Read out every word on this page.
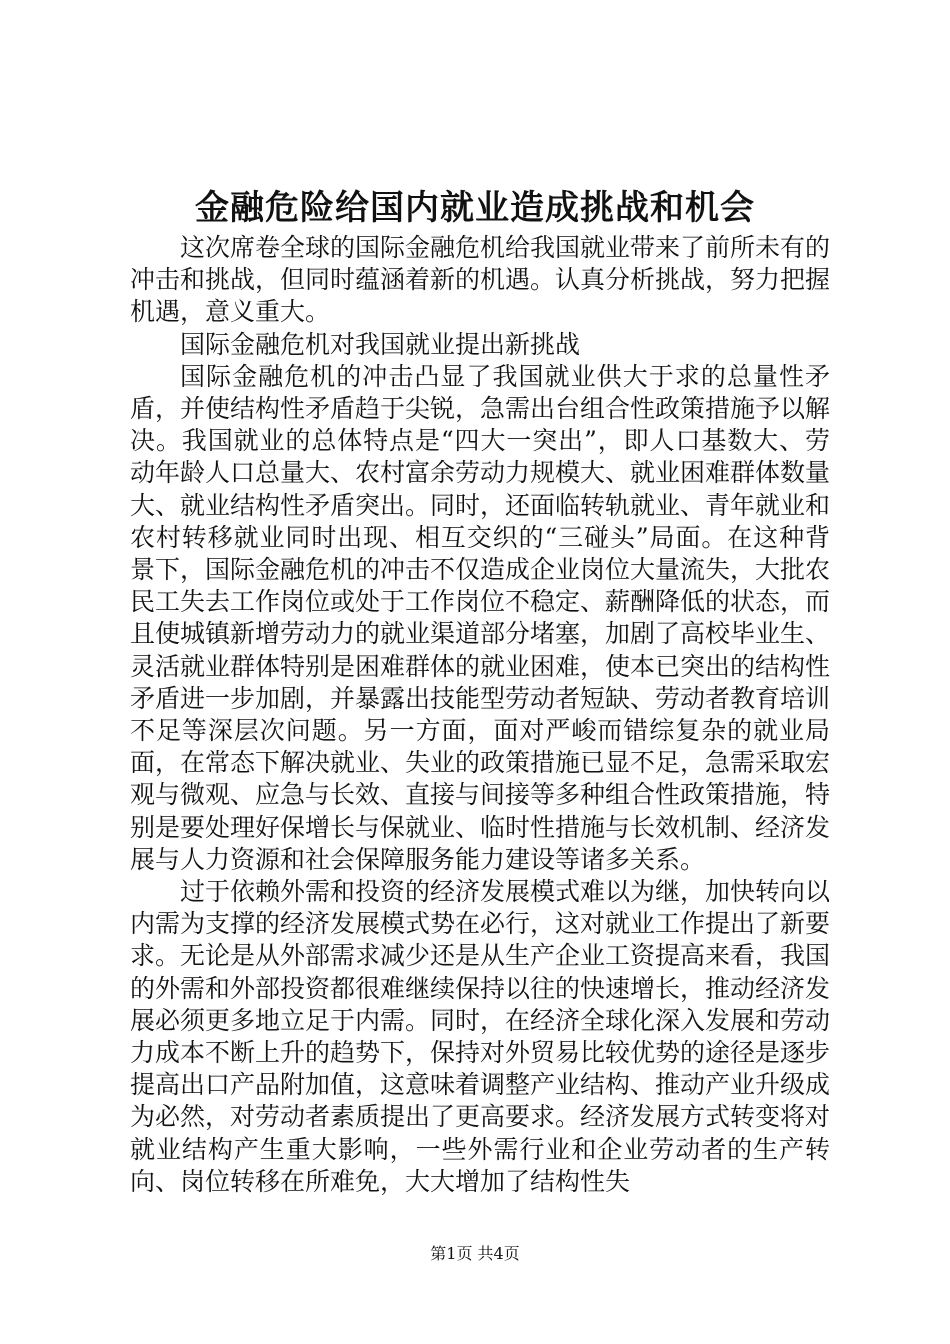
金融危险给国内就业造成挑战和机会

这次席卷全球的国际金融危机给我国就业带来了前所未有的冲击和挑战，但同时蕴涵着新的机遇。认真分析挑战，努力把握机遇，意义重大。

国际金融危机对我国就业提出新挑战

国际金融危机的冲击凸显了我国就业供大于求的总量性矛盾，并使结构性矛盾趋于尖锐，急需出台组合性政策措施予以解决。我国就业的总体特点是“四大一突出”，即人口基数大、劳动年龄人口总量大、农村富余劳动力规模大、就业困难群体数量大、就业结构性矛盾突出。同时，还面临转轨就业、青年就业和农村转移就业同时出现、相互交织的“三碰头”局面。在这种背景下，国际金融危机的冲击不仅造成企业岗位大量流失，大批农民工失去工作岗位或处于工作岗位不稳定、薪酬降低的状态，而且使城镇新增劳动力的就业渠道部分堵塞，加剧了高校毕业生、灵活就业群体特别是困难群体的就业困难，使本已突出的结构性矛盾进一步加剧，并暴露出技能型劳动者短缺、劳动者教育培训不足等深层次问题。另一方面，面对严峻而错综复杂的就业局面，在常态下解决就业、失业的政策措施已显不足，急需采取宏观与微观、应急与长效、直接与间接等多种组合性政策措施，特别是要处理好保增长与保就业、临时性措施与长效机制、经济发展与人力资源和社会保障服务能力建设等诸多关系。

过于依赖外需和投资的经济发展模式难以为继，加快转向以内需为支撑的经济发展模式势在必行，这对就业工作提出了新要求。无论是从外部需求减少还是从生产企业工资提高来看，我国的外需和外部投资都很难继续保持以往的快速增长，推动经济发展必须更多地立足于内需。同时，在经济全球化深入发展和劳动力成本不断上升的趋势下，保持对外贸易比较优势的途径是逐步提高出口产品附加值，这意味着调整产业结构、推动产业升级成为必然，对劳动者素质提出了更高要求。经济发展方式转变将对就业结构产生重大影响，一些外需行业和企业劳动者的生产转向、岗位转移在所难免，大大增加了结构性失

第1页 共4页
